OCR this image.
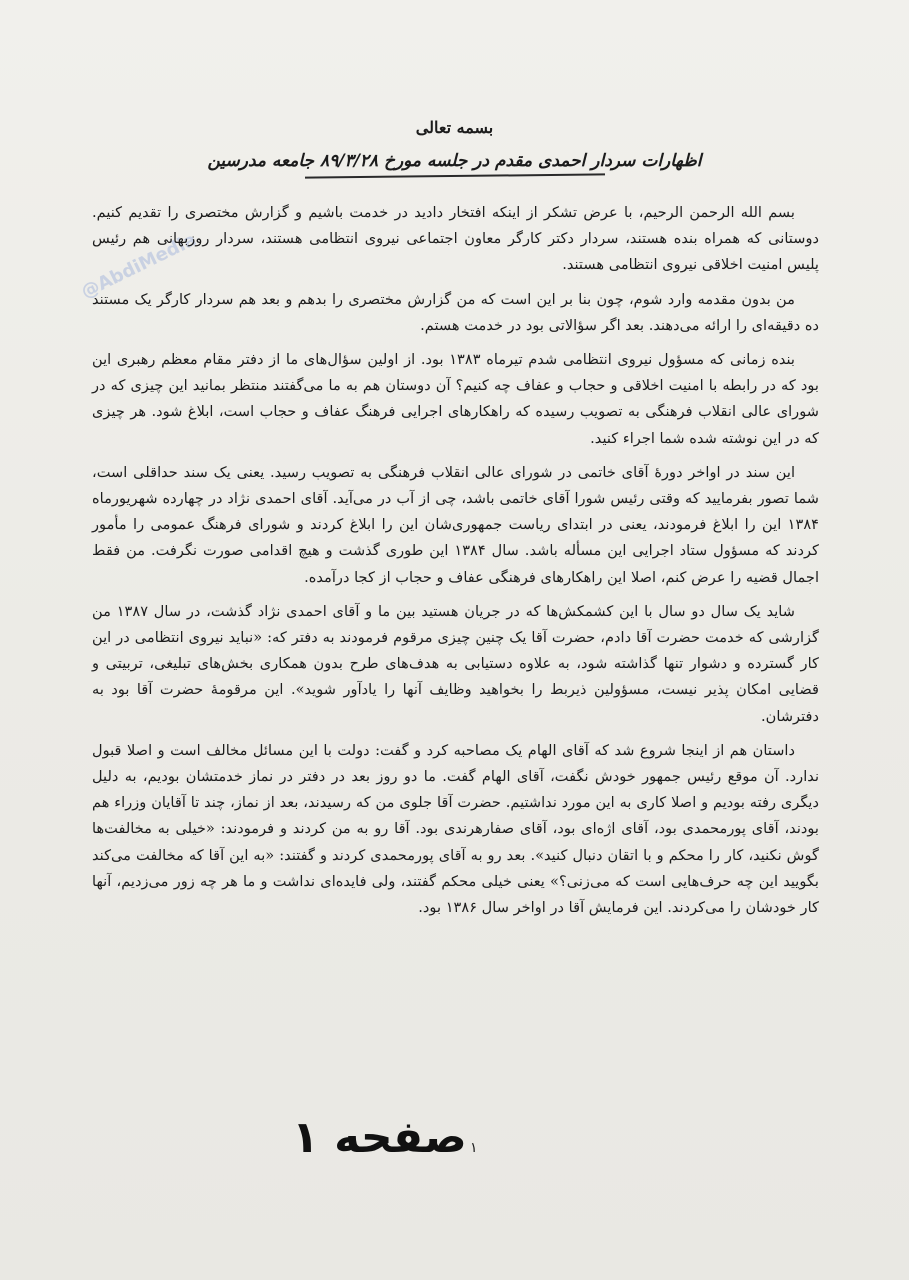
@AbdiMedia
بسمه تعالی
اظهارات سردار احمدی مقدم در جلسه مورخ ۸۹/۳/۲۸ جامعه مدرسین

بسم الله الرحمن الرحیم، با عرض تشکر از اینکه افتخار دادید در خدمت باشیم و گزارش مختصری را تقدیم کنیم. دوستانی که همراه بنده هستند، سردار دکتر کارگر معاون اجتماعی نیروی انتظامی هستند، سردار روزبهانی هم رئیس پلیس امنیت اخلاقی نیروی انتظامی هستند.

من بدون مقدمه وارد شوم، چون بنا بر این است که من گزارش مختصری را بدهم و بعد هم سردار کارگر یک مستند ده دقیقه‌ای را ارائه می‌دهند. بعد اگر سؤالاتی بود در خدمت هستم.

بنده زمانی که مسؤول نیروی انتظامی شدم تیرماه ۱۳۸۳ بود. از اولین سؤال‌های ما از دفتر مقام معظم رهبری این بود که در رابطه با امنیت اخلاقی و حجاب و عفاف چه کنیم؟ آن دوستان هم به ما می‌گفتند منتظر بمانید این چیزی که در شورای عالی انقلاب فرهنگی به تصویب رسیده که راهکارهای اجرایی فرهنگ عفاف و حجاب است، ابلاغ شود. هر چیزی که در این نوشته شده شما اجراء کنید.

این سند در اواخر دورهٔ آقای خاتمی در شورای عالی انقلاب فرهنگی به تصویب رسید. یعنی یک سند حداقلی است، شما تصور بفرمایید که وقتی رئیس شورا آقای خاتمی باشد، چی از آب در می‌آید. آقای احمدی نژاد در چهارده شهریورماه ۱۳۸۴ این را ابلاغ فرمودند، یعنی در ابتدای ریاست جمهوری‌شان این را ابلاغ کردند و شورای فرهنگ عمومی را مأمور کردند که مسؤول ستاد اجرایی این مسأله باشد. سال ۱۳۸۴ این طوری گذشت و هیچ اقدامی صورت نگرفت. من فقط اجمال قضیه را عرض کنم، اصلا این راهکارهای فرهنگی عفاف و حجاب از کجا درآمده.

شاید یک سال دو سال با این کشمکش‌ها که در جریان هستید بین ما و آقای احمدی نژاد گذشت، در سال ۱۳۸۷ من گزارشی که خدمت حضرت آقا دادم، حضرت آقا یک چنین چیزی مرقوم فرمودند به دفتر که: «نباید نیروی انتظامی در این کار گسترده و دشوار تنها گذاشته شود، به علاوه دستیابی به هدف‌های طرح بدون همکاری بخش‌های تبلیغی، تربیتی و قضایی امکان پذیر نیست، مسؤولین ذیربط را بخواهید وظایف آنها را یادآور شوید». این مرقومهٔ حضرت آقا بود به دفترشان.

داستان هم از اینجا شروع شد که آقای الهام یک مصاحبه کرد و گفت: دولت با این مسائل مخالف است و اصلا قبول ندارد. آن موقع رئیس جمهور خودش نگفت، آقای الهام گفت. ما دو روز بعد در دفتر در نماز خدمتشان بودیم، به دلیل دیگری رفته بودیم و اصلا کاری به این مورد نداشتیم. حضرت آقا جلوی من که رسیدند، بعد از نماز، چند تا آقایان وزراء هم بودند، آقای پورمحمدی بود، آقای اژه‌ای بود، آقای صفارهرندی بود. آقا رو به من کردند و فرمودند: «خیلی به مخالفت‌ها گوش نکنید، کار را محکم و با اتقان دنبال کنید». بعد رو به آقای پورمحمدی کردند و گفتند: «به این آقا که مخالفت می‌کند بگویید این چه حرف‌هایی است که می‌زنی؟» یعنی خیلی محکم گفتند، ولی فایده‌ای نداشت و ما هر چه زور می‌زدیم، آنها کار خودشان را می‌کردند. این فرمایش آقا در اواخر سال ۱۳۸۶ بود.

صفحه ۱ ۱
